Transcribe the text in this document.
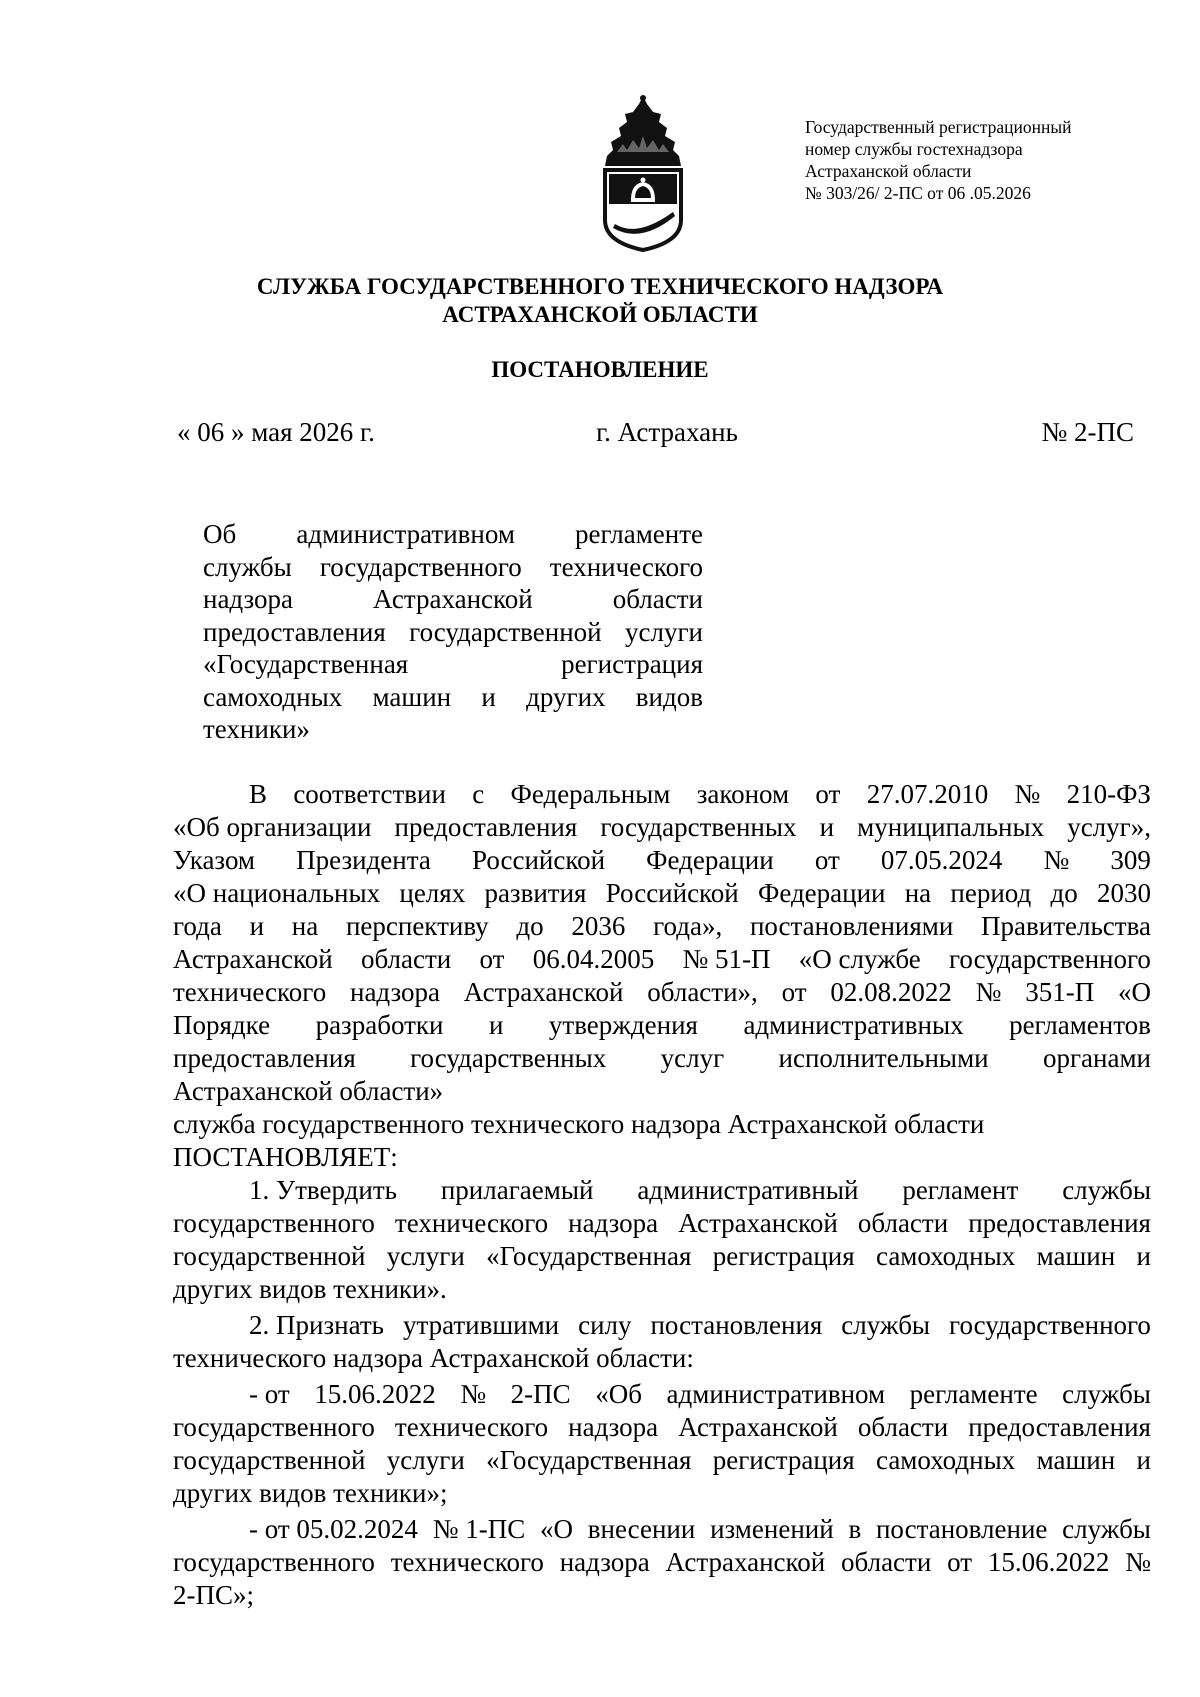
Государственный регистрационный
номер службы гостехнадзора
Астраханской области
№ 303/26/ 2-ПС от 06 .05.2026
СЛУЖБА ГОСУДАРСТВЕННОГО ТЕХНИЧЕСКОГО НАДЗОРА
АСТРАХАНСКОЙ ОБЛАСТИ
ПОСТАНОВЛЕНИЕ
« 06 » мая 2026 г.	г. Астрахань	№ 2-ПС
Об административном регламенте
службы государственного технического
надзора	Астраханской	области
предоставления государственной услуги
«Государственная	регистрация
самоходных машин и других видов
техники»
В соответствии с Федеральным законом от 27.07.2010 № 210-ФЗ
«Об организации предоставления государственных и муниципальных услуг»,
Указом Президента Российской Федерации от 07.05.2024 № 309
«О национальных целях развития Российской Федерации на период до 2030
года и на перспективу до 2036 года», постановлениями Правительства
Астраханской области от 06.04.2005 № 51-П «О службе государственного
технического надзора Астраханской области», от 02.08.2022 № 351-П «О
Порядке разработки и утверждения административных регламентов
предоставления государственных услуг исполнительными органами
Астраханской области»
служба государственного технического надзора Астраханской области
ПОСТАНОВЛЯЕТ:
1. Утвердить прилагаемый административный регламент службы
государственного технического надзора Астраханской области предоставления
государственной услуги «Государственная регистрация самоходных машин и
других видов техники».
2. Признать утратившими силу постановления службы государственного
технического надзора Астраханской области:
- от 15.06.2022 № 2-ПС «Об административном регламенте службы
государственного технического надзора Астраханской области предоставления
государственной услуги «Государственная регистрация самоходных машин и
других видов техники»;
- от 05.02.2024 № 1-ПС «О внесении изменений в постановление службы
государственного технического надзора Астраханской области от 15.06.2022 №
2-ПС»;
